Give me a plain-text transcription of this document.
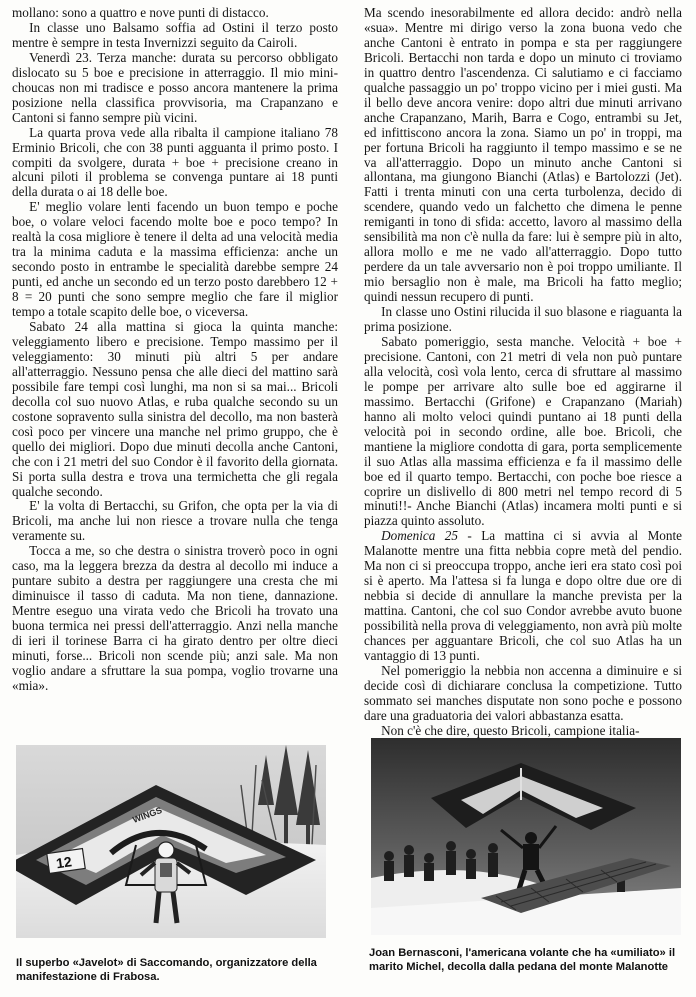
mollano: sono a quattro e nove punti di distacco.

In classe uno Balsamo soffia ad Ostini il terzo posto mentre è sempre in testa Invernizzi seguito da Cairoli.

Venerdì 23. Terza manche: durata su percorso obbligato dislocato su 5 boe e precisione in atterraggio. Il mio mini-choucas non mi tradisce e posso ancora mantenere la prima posizione nella classifica provvisoria, ma Crapanzano e Cantoni si fanno sempre più vicini.

La quarta prova vede alla ribalta il campione italiano 78 Erminio Bricoli, che con 38 punti agguanta il primo posto. I compiti da svolgere, durata + boe + precisione creano in alcuni piloti il problema se convenga puntare ai 18 punti della durata o ai 18 delle boe.

E' meglio volare lenti facendo un buon tempo e poche boe, o volare veloci facendo molte boe e poco tempo? In realtà la cosa migliore è tenere il delta ad una velocità media tra la minima caduta e la massima efficienza: anche un secondo posto in entrambe le specialità darebbe sempre 24 punti, ed anche un secondo ed un terzo posto darebbero 12 + 8 = 20 punti che sono sempre meglio che fare il miglior tempo a totale scapito delle boe, o viceversa.

Sabato 24 alla mattina si gioca la quinta manche: veleggiamento libero e precisione. Tempo massimo per il veleggiamento: 30 minuti più altri 5 per andare all'atterraggio. Nessuno pensa che alle dieci del mattino sarà possibile fare tempi così lunghi, ma non si sa mai... Bricoli decolla col suo nuovo Atlas, e ruba qualche secondo su un costone sopravento sulla sinistra del decollo, ma non basterà così poco per vincere una manche nel primo gruppo, che è quello dei migliori. Dopo due minuti decolla anche Cantoni, che con i 21 metri del suo Condor è il favorito della giornata. Si porta sulla destra e trova una termichetta che gli regala qualche secondo.

E' la volta di Bertacchi, su Grifon, che opta per la via di Bricoli, ma anche lui non riesce a trovare nulla che tenga veramente su.

Tocca a me, so che destra o sinistra troverò poco in ogni caso, ma la leggera brezza da destra al decollo mi induce a puntare subito a destra per raggiungere una cresta che mi diminuisce il tasso di caduta. Ma non tiene, dannazione. Mentre eseguo una virata vedo che Bricoli ha trovato una buona termica nei pressi dell'atterraggio. Anzi nella manche di ieri il torinese Barra ci ha girato dentro per oltre dieci minuti, forse... Bricoli non scende più; anzi sale. Ma non voglio andare a sfruttare la sua pompa, voglio trovarne una «mia».

Ma scendo inesorabilmente ed allora decido: andrò nella «sua». Mentre mi dirigo verso la zona buona vedo che anche Cantoni è entrato in pompa e sta per raggiungere Bricoli. Bertacchi non tarda e dopo un minuto ci troviamo in quattro dentro l'ascendenza. Ci salutiamo e ci facciamo qualche passaggio un po' troppo vicino per i miei gusti. Ma il bello deve ancora venire: dopo altri due minuti arrivano anche Crapanzano, Marih, Barra e Cogo, entrambi su Jet, ed infittiscono ancora la zona. Siamo un po' in troppi, ma per fortuna Bricoli ha raggiunto il tempo massimo e se ne va all'atterraggio. Dopo un minuto anche Cantoni si allontana, ma giungono Bianchi (Atlas) e Bartolozzi (Jet). Fatti i trenta minuti con una certa turbolenza, decido di scendere, quando vedo un falchetto che dimena le penne remiganti in tono di sfida: accetto, lavoro al massimo della sensibilità ma non c'è nulla da fare: lui è sempre più in alto, allora mollo e me ne vado all'atterraggio. Dopo tutto perdere da un tale avversario non è poi troppo umiliante. Il mio bersaglio non è male, ma Bricoli ha fatto meglio; quindi nessun recupero di punti.

In classe uno Ostini rilucida il suo blasone e riaguanta la prima posizione.

Sabato pomeriggio, sesta manche. Velocità + boe + precisione. Cantoni, con 21 metri di vela non può puntare alla velocità, così vola lento, cerca di sfruttare al massimo le pompe per arrivare alto sulle boe ed aggirarne il massimo. Bertacchi (Grifone) e Crapanzano (Mariah) hanno ali molto veloci quindi puntano ai 18 punti della velocità poi in secondo ordine, alle boe. Bricoli, che mantiene la migliore condotta di gara, porta semplicemente il suo Atlas alla massima efficienza e fa il massimo delle boe ed il quarto tempo. Bertacchi, con poche boe riesce a coprire un dislivello di 800 metri nel tempo record di 5 minuti!!- Anche Bianchi (Atlas) incamera molti punti e si piazza quinto assoluto.

Domenica 25 - La mattina ci si avvia al Monte Malanotte mentre una fitta nebbia copre metà del pendio. Ma non ci si preoccupa troppo, anche ieri era stato così poi si è aperto. Ma l'attesa si fa lunga e dopo oltre due ore di nebbia si decide di annullare la manche prevista per la mattina. Cantoni, che col suo Condor avrebbe avuto buone possibilità nella prova di veleggiamento, non avrà più molte chances per agguantare Bricoli, che col suo Atlas ha un vantaggio di 13 punti.

Nel pomeriggio la nebbia non accenna a diminuire e si decide così di dichiarare conclusa la competizione. Tutto sommato sei manches disputate non sono poche e possono dare una graduatoria dei valori abbastanza esatta.

Non c'è che dire, questo Bricoli, campione italia-

WINGS
12
Il superbo «Javelot» di Saccomando, organizzatore della manifestazione di Frabosa.
Joan Bernasconi, l'americana volante che ha «umiliato» il marito Michel, decolla dalla pedana del monte Malanotte
